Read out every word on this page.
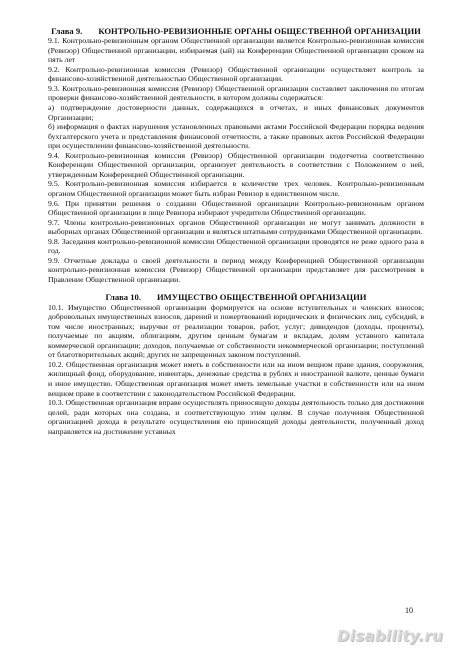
Глава 9. КОНТРОЛЬНО-РЕВИЗИОННЫЕ ОРГАНЫ ОБЩЕСТВЕННОЙ ОРГАНИЗАЦИИ

9.1. Контрольно-ревизионным органом Общественной организации является Контрольно-ревизионная комиссия (Ревизор) Общественной организации, избираемая (ый) на Конференции Общественной организации сроком на пять лет

9.2. Контрольно-ревизионная комиссия (Ревизор) Общественной организации осуществляет контроль за финансово-хозяйственной деятельностью Общественной организации.

9.3. Контрольно-ревизионная комиссия (Ревизор) Общественной организации составляет заключения по итогам проверки финансово-хозяйственной деятельности, в котором должны содержаться:

а) подтверждение достоверности данных, содержащихся в отчетах, и иных финансовых документов Организации;

б) информация о фактах нарушения установленных правовыми актами Российской Федерации порядка ведения бухгалтерского учета и представления финансовой отчетности, а также правовых актов Российской Федерации при осуществлении финансово-хозяйственной деятельности.

9.4. Контрольно-ревизионная комиссия (Ревизор) Общественной организации подотчетна соответственно Конференции Общественной организации, организует деятельность в соответствии с Положением о ней, утвержденным Конференцией Общественной организации.

9.5. Контрольно-ревизионная комиссия избирается в количестве трех человек. Контрольно-ревизионным органом Общественной организации может быть избран Ревизор в единственном числе.

9.6. При принятии решения о создании Общественной организации Контрольно-ревизионным органом Общественной организации в лице Ревизора избирают учредители Общественной организации.

9.7. Члены контрольно-ревизионных органов Общественной организации не могут занимать должности в выборных органах Общественной организации и являться штатными сотрудниками Общественной организации.

9.8. Заседания контрольно-ревизионной комиссии Общественной организации проводятся не реже одного раза в год.

9.9. Отчетные доклады о своей деятельности в период между Конференцией Общественной организации контрольно-ревизионная комиссия (Ревизор) Общественной организации представляет для рассмотрения в Правление Общественной организации.

Глава 10. ИМУЩЕСТВО ОБЩЕСТВЕННОЙ ОРГАНИЗАЦИИ

10.1. Имущество Общественной организации формируется на основе вступительных и членских взносов; добровольных имущественных взносов, дарений и пожертвований юридических и физических лиц, субсидий, в том числе иностранных; выручки от реализации товаров, работ, услуг; дивидендов (доходы, проценты), получаемые по акциям, облигациям, другим ценным бумагам и вкладам, долям уставного капитала коммерческой организации; доходов, получаемые от собственности некоммерческой организации; поступлений от благотворительных акций; других не запрещенных законом поступлений.

10.2. Общественная организация может иметь в собственности или на ином вещном праве здания, сооружения, жилищный фонд, оборудование, инвентарь, денежные средства в рублях и иностранной валюте, ценные бумаги и иное имущество. Общественная организация может иметь земельные участки в собственности или на ином вещном праве в соответствии с законодательством Российской Федерации.

10.3. Общественная организация вправе осуществлять приносящую доходы деятельность только для достижения целей, ради которых она создана, и соответствующую этим целям. В случае получения Общественной организацией дохода в результате осуществления ею приносящей доходы деятельности, полученный доход направляется на достижение уставных

10
Disability.ru
